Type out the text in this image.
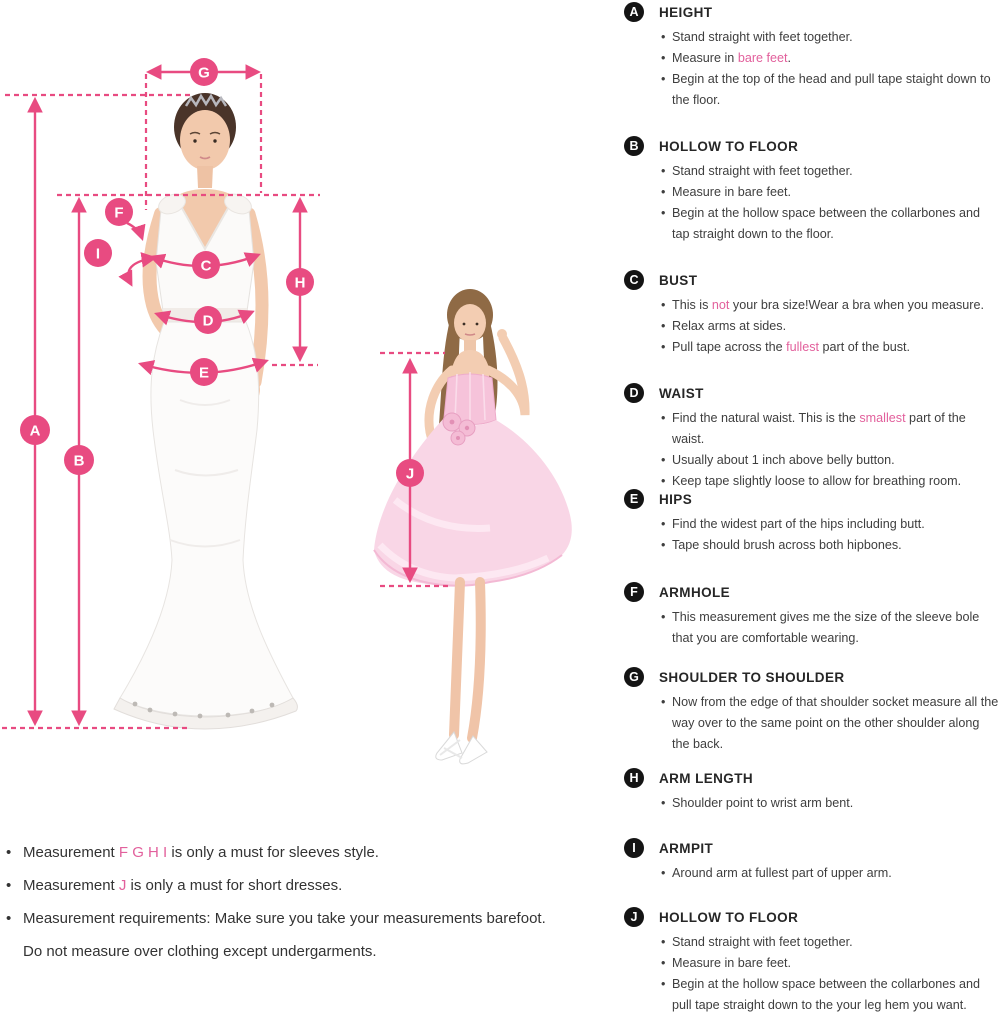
A
B
G
H
C
D
E
F
I
J
A	HEIGHT
• Stand straight with feet together.
• Measure in bare feet.
• Begin at the top of the head and pull tape staight down to the floor.
B	HOLLOW TO FLOOR
• Stand straight with feet together.
• Measure in bare feet.
• Begin at the hollow space between the collarbones and tap straight down to the floor.
C	BUST
• This is not your bra size!Wear a bra when you measure.
• Relax arms at sides.
• Pull tape across the fullest part of the bust.
D	WAIST
• Find the natural waist. This is the smallest part of the waist.
• Usually about 1 inch above belly button.
• Keep tape slightly loose to allow for breathing room.
E	HIPS
• Find the widest part of the hips including butt.
• Tape should brush across both hipbones.
F	ARMHOLE
• This measurement gives me the size of the sleeve bole that you are comfortable wearing.
G	SHOULDER TO SHOULDER
• Now from the edge of that shoulder socket measure all the way over to the same point on the other shoulder along the back.
H	ARM LENGTH
• Shoulder point to wrist arm bent.
I	ARMPIT
• Around arm at fullest part of upper arm.
J	HOLLOW TO FLOOR
• Stand straight with feet together.
• Measure in bare feet.
• Begin at the hollow space between the collarbones and pull tape straight down to the your leg hem you want.
• Measurement F G H I is only a must for sleeves style.
• Measurement J is only a must for short dresses.
• Measurement requirements: Make sure you take your measurements barefoot. Do not measure over clothing except undergarments.
